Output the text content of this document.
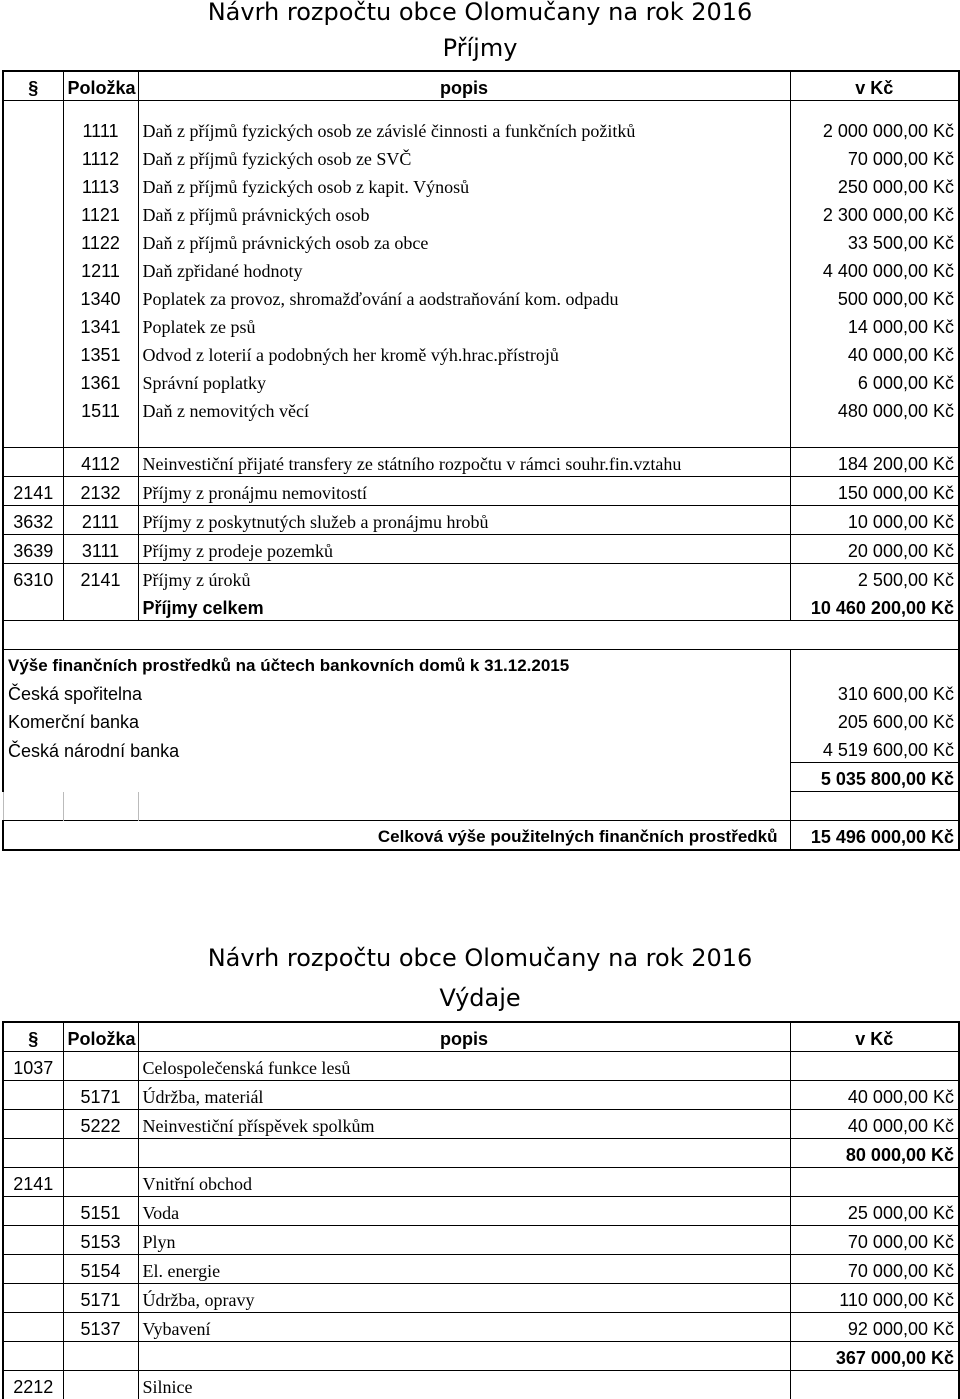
Návrh rozpočtu obce Olomučany na rok 2016
Příjmy
§	Položka	popis	v Kč

	1111	Daň z příjmů fyzických osob ze závislé činnosti a funkčních požitků	2 000 000,00 Kč
	1112	Daň z příjmů fyzických osob ze SVČ	70 000,00 Kč
	1113	Daň z příjmů fyzických osob z kapit. Výnosů	250 000,00 Kč
	1121	Daň z příjmů právnických osob	2 300 000,00 Kč
	1122	Daň z příjmů právnických osob za obce	33 500,00 Kč
	1211	Daň zpřidané hodnoty	4 400 000,00 Kč
	1340	Poplatek za provoz, shromažďování a aodstraňování kom. odpadu	500 000,00 Kč
	1341	Poplatek ze psů	14 000,00 Kč
	1351	Odvod z loterií a podobných her kromě výh.hrac.přístrojů	40 000,00 Kč
	1361	Správní poplatky	6 000,00 Kč
	1511	Daň z nemovitých věcí	480 000,00 Kč

	4112	Neinvestiční přijaté transfery ze státního rozpočtu v rámci souhr.fin.vztahu	184 200,00 Kč
2141	2132	Příjmy z pronájmu nemovitostí	150 000,00 Kč
3632	2111	Příjmy z poskytnutých služeb a pronájmu hrobů	10 000,00 Kč
3639	3111	Příjmy z prodeje pozemků	20 000,00 Kč
6310	2141	Příjmy z úroků	2 500,00 Kč
		Příjmy celkem	10 460 200,00 Kč

Výše finančních prostředků na účtech bankovních domů k 31.12.2015			
Česká spořitelna			310 600,00 Kč
Komerční banka			205 600,00 Kč
Česká národní banka			4 519 600,00 Kč
			5 035 800,00 Kč

		Celková výše použitelných finančních prostředků	15 496 000,00 Kč
Návrh rozpočtu obce Olomučany na rok 2016
Výdaje
§	Položka	popis	v Kč
1037		Celospolečenská funkce lesů	
	5171	Údržba, materiál	40 000,00 Kč
	5222	Neinvestiční příspěvek spolkům	40 000,00 Kč
			80 000,00 Kč
2141		Vnitřní obchod	
	5151	Voda	25 000,00 Kč
	5153	Plyn	70 000,00 Kč
	5154	El. energie	70 000,00 Kč
	5171	Údržba, opravy	110 000,00 Kč
	5137	Vybavení	92 000,00 Kč
			367 000,00 Kč
2212		Silnice	
